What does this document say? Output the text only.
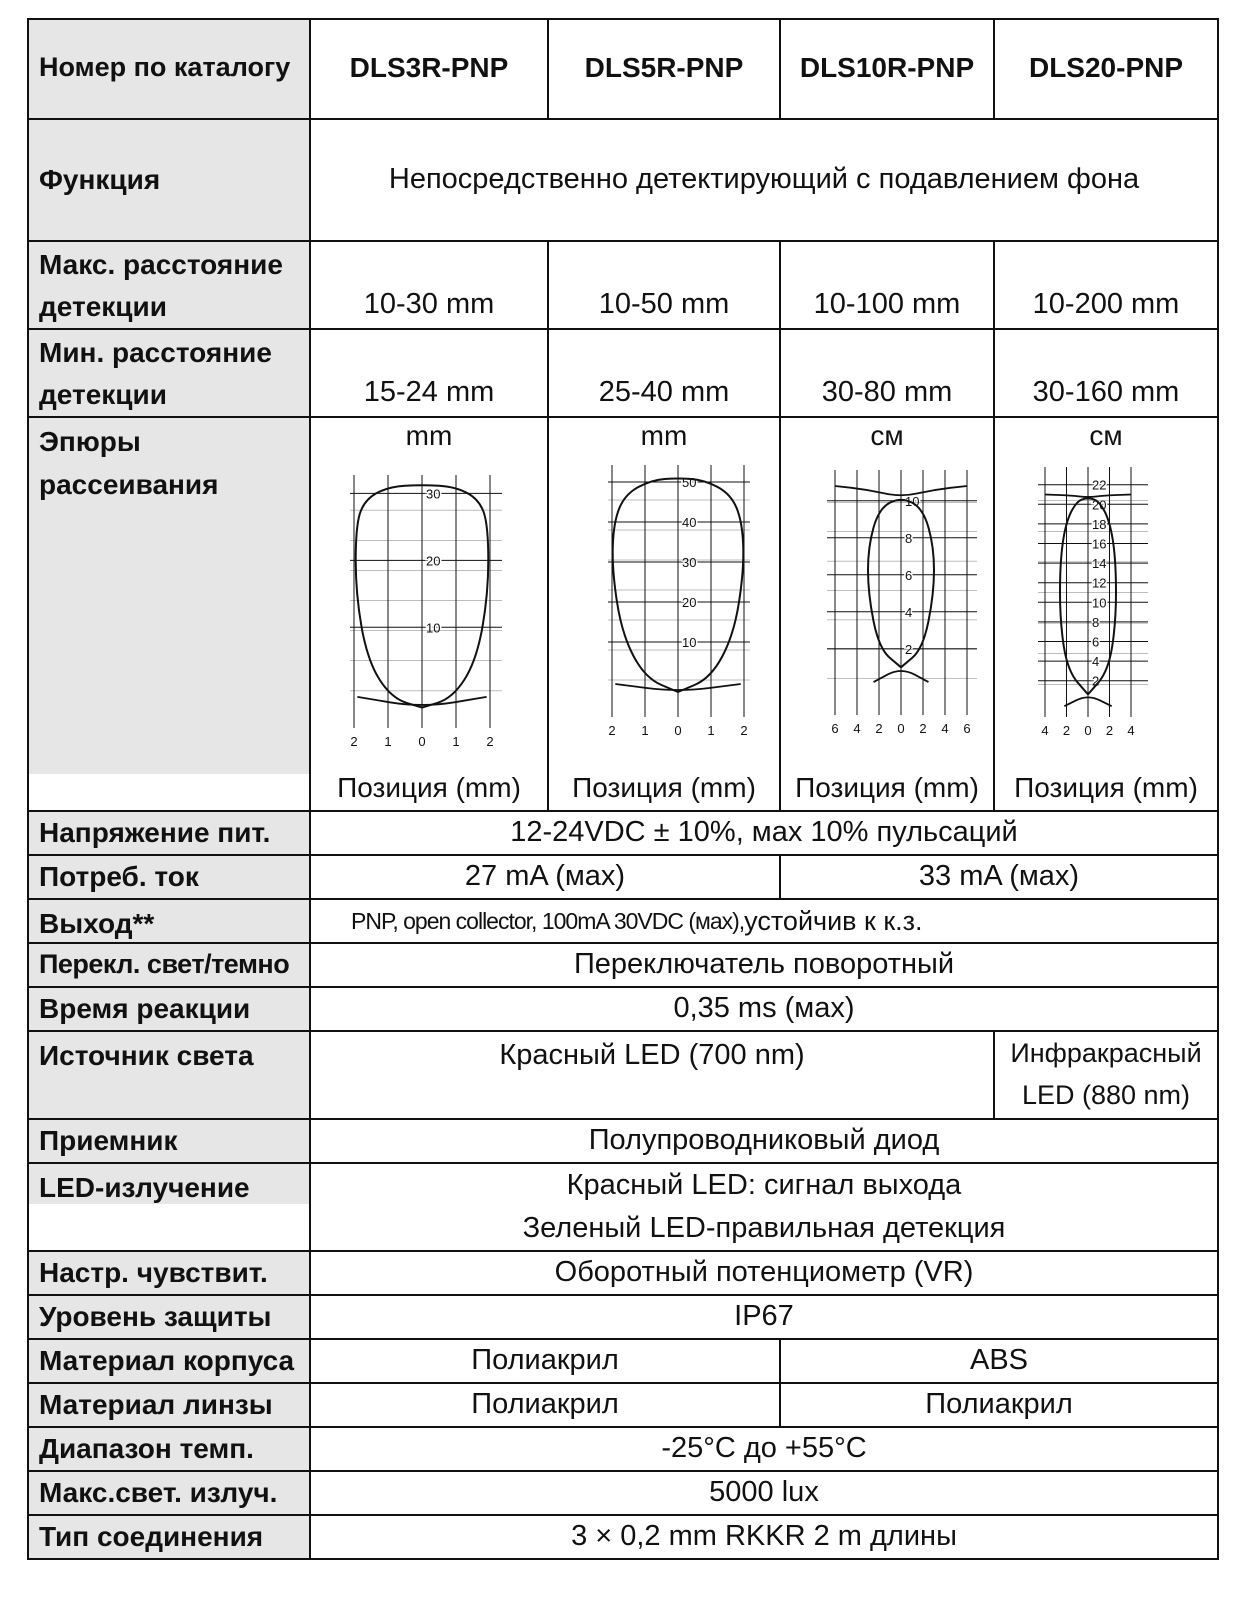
Номер по каталогу	DLS3R-PNP	DLS5R-PNP	DLS10R-PNP	DLS20-PNP
Функция	Непосредственно детектирующий с подавлением фона
Макс. расстояние детекции	10-30 mm	10-50 mm	10-100 mm	10-200 mm
Мин. расстояние детекции	15-24 mm	25-40 mm	30-80 mm	30-160 mm
Эпюры рассеивания
mm	mm	см	см
2 1 0 1 2
10
20
30
2 1 0 1 2
10
20
30
40
50
6 4 2 0 2 4 6
2
4
6
8
10
4 2 0 2 4
2
4
6
8
10
12
14
16
18
20
22
Позиция (mm)	Позиция (mm)	Позиция (mm)	Позиция (mm)
Напряжение пит.	12-24VDC ± 10%, мах 10% пульсаций
Потреб. ток	27 mA (мах)	33 mA (мах)
Выход**	PNP, open collector, 100mA 30VDC (мах), устойчив к к.з.
Перекл. свет/темно	Переключатель поворотный
Время реакции	0,35 ms (мах)
Источник света	Красный LED (700 nm)	Инфракрасный LED (880 nm)
Приемник	Полупроводниковый диод
LED-излучение	Красный LED: сигнал выхода
Зеленый LED-правильная детекция
Настр. чувствит.	Оборотный потенциометр (VR)
Уровень защиты	IP67
Материал корпуса	Полиакрил	ABS
Материал линзы	Полиакрил	Полиакрил
Диапазон темп.	-25°C до +55°C
Макс.свет. излуч.	5000 lux
Тип соединения	3 × 0,2 mm RKKR 2 m длины
